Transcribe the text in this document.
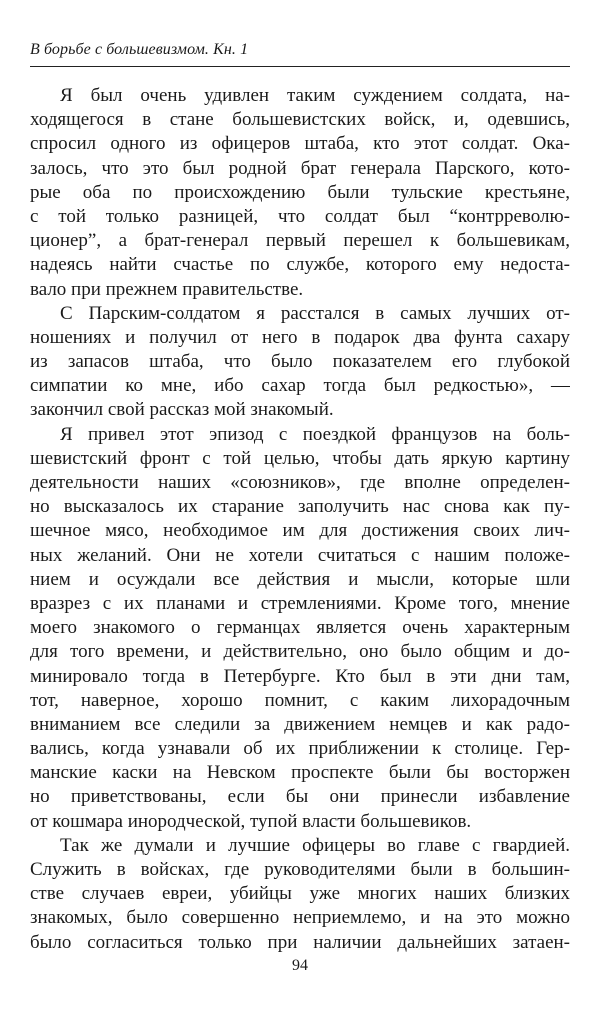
В борьбе с большевизмом. Кн. 1
Я был очень удивлен таким суждением солдата, на-
ходящегося в стане большевистских войск, и, одевшись,
спросил одного из офицеров штаба, кто этот солдат. Ока-
залось, что это был родной брат генерала Парского, кото-
рые оба по происхождению были тульские крестьяне,
с той только разницей, что солдат был “контрреволю-
ционер”, а брат-генерал первый перешел к большевикам,
надеясь найти счастье по службе, которого ему недоста-
вало при прежнем правительстве.
С Парским-солдатом я расстался в самых лучших от-
ношениях и получил от него в подарок два фунта сахару
из запасов штаба, что было показателем его глубокой
симпатии ко мне, ибо сахар тогда был редкостью», —
закончил свой рассказ мой знакомый.
Я привел этот эпизод с поездкой французов на боль-
шевистский фронт с той целью, чтобы дать яркую картину
деятельности наших «союзников», где вполне определен-
но высказалось их старание заполучить нас снова как пу-
шечное мясо, необходимое им для достижения своих лич-
ных желаний. Они не хотели считаться с нашим положе-
нием и осуждали все действия и мысли, которые шли
вразрез с их планами и стремлениями. Кроме того, мнение
моего знакомого о германцах является очень характерным
для того времени, и действительно, оно было общим и до-
минировало тогда в Петербурге. Кто был в эти дни там,
тот, наверное, хорошо помнит, с каким лихорадочным
вниманием все следили за движением немцев и как радо-
вались, когда узнавали об их приближении к столице. Гер-
манские каски на Невском проспекте были бы восторжен
но приветствованы, если бы они принесли избавление
от кошмара инородческой, тупой власти большевиков.
Так же думали и лучшие офицеры во главе с гвардией.
Служить в войсках, где руководителями были в большин-
стве случаев евреи, убийцы уже многих наших близких
знакомых, было совершенно неприемлемо, и на это можно
было согласиться только при наличии дальнейших затаен-
94
